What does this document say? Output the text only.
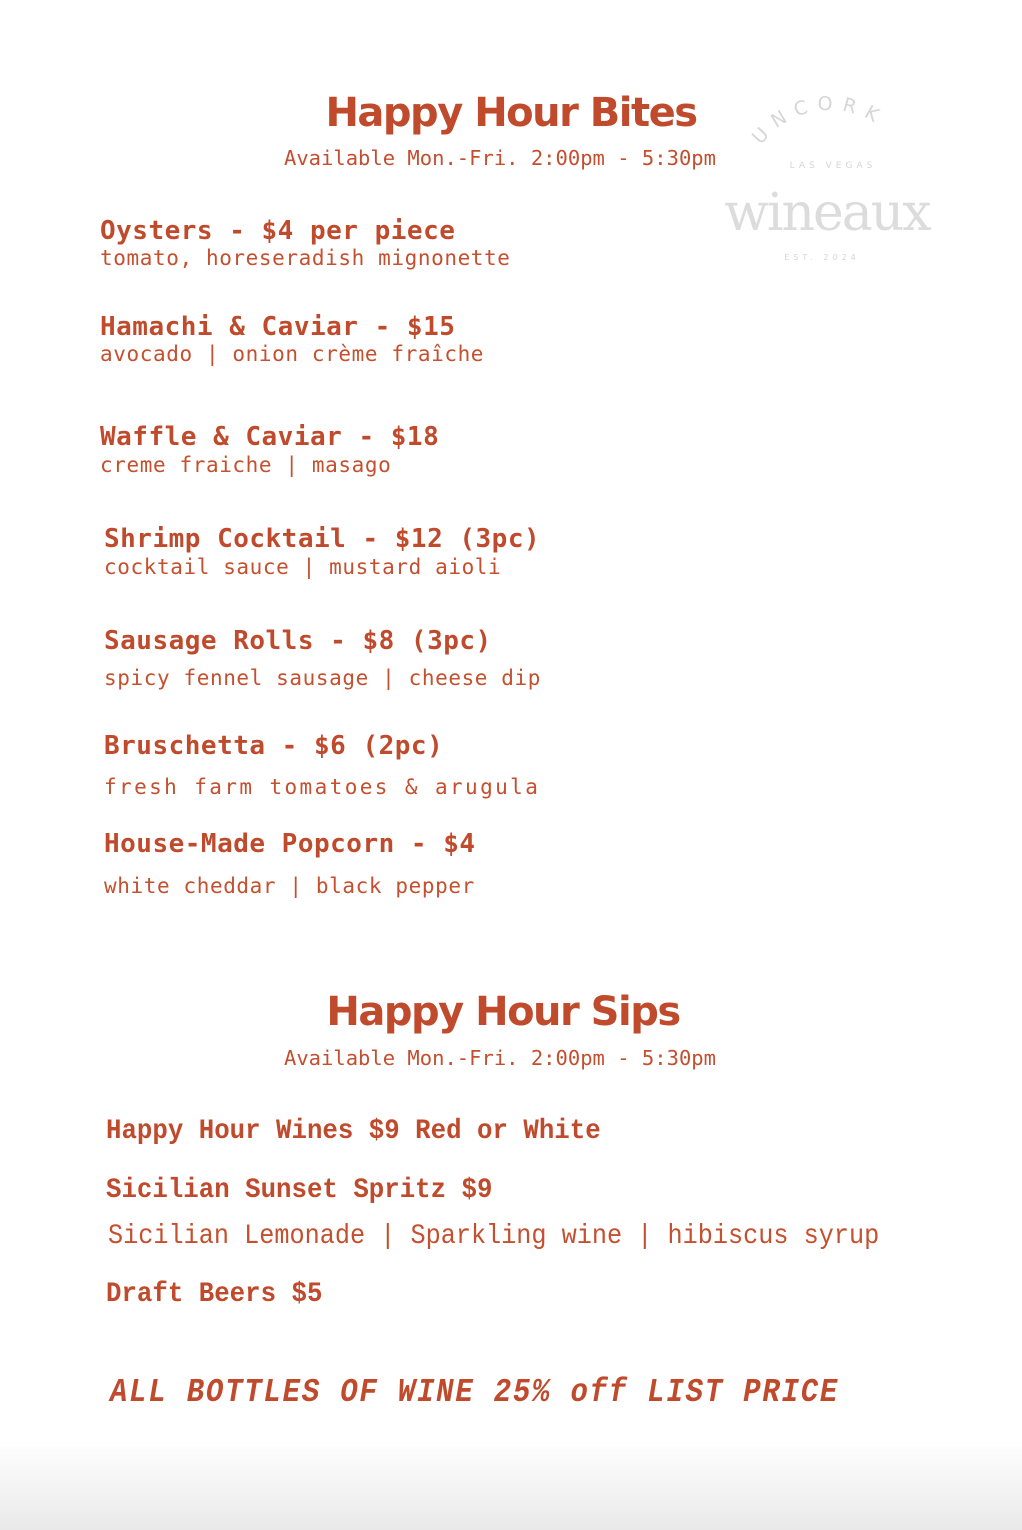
UNCORK
LAS VEGAS
wineaux
EST. 2024
Happy Hour Bites
Available Mon.-Fri. 2:00pm - 5:30pm
Oysters - $4 per piece
tomato, horeseradish mignonette
Hamachi & Caviar - $15
avocado | onion crème fraîche
Waffle & Caviar - $18
creme fraiche | masago
Shrimp Cocktail - $12 (3pc)
cocktail sauce | mustard aioli
Sausage Rolls - $8 (3pc)
spicy fennel sausage | cheese dip
Bruschetta - $6 (2pc)
fresh farm tomatoes & arugula
House-Made Popcorn - $4
white cheddar | black pepper
Happy Hour Sips
Available Mon.-Fri. 2:00pm - 5:30pm
Happy Hour Wines $9 Red or White
Sicilian Sunset Spritz $9
Sicilian Lemonade | Sparkling wine | hibiscus syrup
Draft Beers $5
ALL BOTTLES OF WINE 25% off LIST PRICE
